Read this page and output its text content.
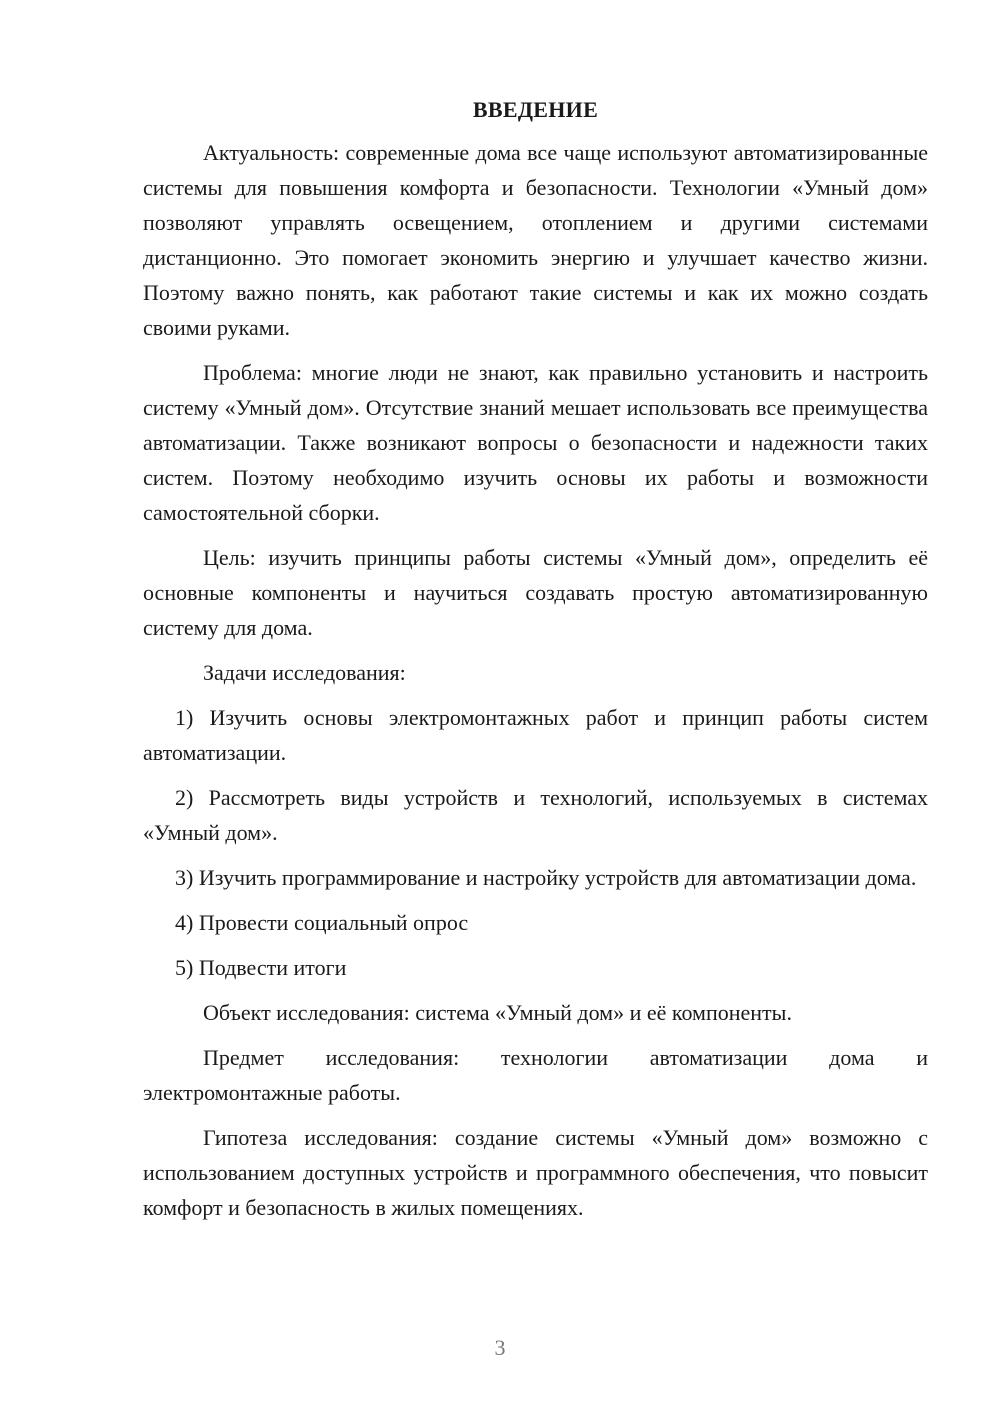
ВВЕДЕНИЕ

Актуальность: современные дома все чаще используют автоматизированные системы для повышения комфорта и безопасности. Технологии «Умный дом» позволяют управлять освещением, отоплением и другими системами дистанционно. Это помогает экономить энергию и улучшает качество жизни. Поэтому важно понять, как работают такие системы и как их можно создать своими руками.

Проблема: многие люди не знают, как правильно установить и настроить систему «Умный дом». Отсутствие знаний мешает использовать все преимущества автоматизации. Также возникают вопросы о безопасности и надежности таких систем. Поэтому необходимо изучить основы их работы и возможности самостоятельной сборки.

Цель: изучить принципы работы системы «Умный дом», определить её основные компоненты и научиться создавать простую автоматизированную систему для дома.

Задачи исследования:

1) Изучить основы электромонтажных работ и принцип работы систем автоматизации.

2) Рассмотреть виды устройств и технологий, используемых в системах «Умный дом».

3) Изучить программирование и настройку устройств для автоматизации дома.

4) Провести социальный опрос

5) Подвести итоги

Объект исследования: система «Умный дом» и её компоненты.

Предмет исследования: технологии автоматизации дома и электромонтажные работы.

Гипотеза исследования: создание системы «Умный дом» возможно с использованием доступных устройств и программного обеспечения, что повысит комфорт и безопасность в жилых помещениях.

3
